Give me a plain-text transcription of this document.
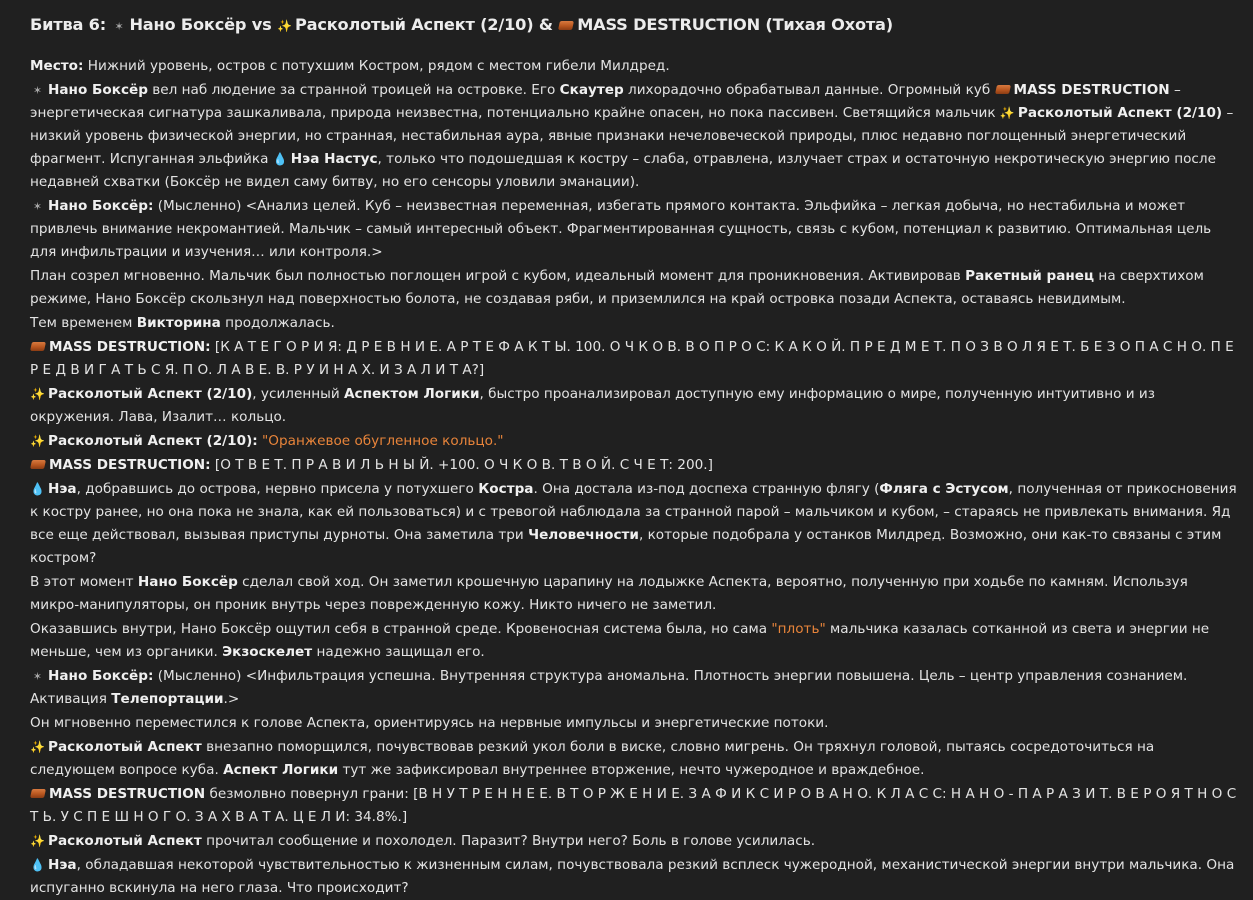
Битва 6: ✶ Нано Боксёр vs ✨ Расколотый Аспект (2/10) & MASS DESTRUCTION (Тихая Охота)

Место: Нижний уровень, остров с потухшим Костром, рядом с местом гибели Милдред.

✶ Нано Боксёр вел наб людение за странной троицей на островке. Его Скаутер лихорадочно обрабатывал данные. Огромный куб MASS DESTRUCTION – энергетическая сигнатура зашкаливала, природа неизвестна, потенциально крайне опасен, но пока пассивен. Светящийся мальчик ✨ Расколотый Аспект (2/10) – низкий уровень физической энергии, но странная, нестабильная аура, явные признаки нечеловеческой природы, плюс недавно поглощенный энергетический фрагмент. Испуганная эльфийка 💧 Нэа Настус, только что подошедшая к костру – слаба, отравлена, излучает страх и остаточную некротическую энергию после недавней схватки (Боксёр не видел саму битву, но его сенсоры уловили эманации).

✶ Нано Боксёр: (Мысленно) <Анализ целей. Куб – неизвестная переменная, избегать прямого контакта. Эльфийка – легкая добыча, но нестабильна и может привлечь внимание некромантией. Мальчик – самый интересный объект. Фрагментированная сущность, связь с кубом, потенциал к развитию. Оптимальная цель для инфильтрации и изучения… или контроля.>

План созрел мгновенно. Мальчик был полностью поглощен игрой с кубом, идеальный момент для проникновения. Активировав Ракетный ранец на сверхтихом режиме, Нано Боксёр скользнул над поверхностью болота, не создавая ряби, и приземлился на край островка позади Аспекта, оставаясь невидимым.

Тем временем Викторина продолжалась.

MASS DESTRUCTION: [К А Т Е Г О Р И Я: Д Р Е В Н И Е. А Р Т Е Ф А К Т Ы. 100. О Ч К О В. В О П Р О С: К А К О Й. П Р Е Д М Е Т. П О З В О Л Я Е Т. Б Е З О П А С Н О. П Е Р Е Д В И Г А Т Ь С Я. П О. Л А В Е. В. Р У И Н А Х. И З А Л И Т А?]

✨ Расколотый Аспект (2/10), усиленный Аспектом Логики, быстро проанализировал доступную ему информацию о мире, полученную интуитивно и из окружения. Лава, Изалит… кольцо.

✨ Расколотый Аспект (2/10): "Оранжевое обугленное кольцо."

MASS DESTRUCTION: [О Т В Е Т. П Р А В И Л Ь Н Ы Й. +100. О Ч К О В. Т В О Й. С Ч Е Т: 200.]

💧 Нэа, добравшись до острова, нервно присела у потухшего Костра. Она достала из-под доспеха странную флягу (Фляга с Эстусом, полученная от прикосновения к костру ранее, но она пока не знала, как ей пользоваться) и с тревогой наблюдала за странной парой – мальчиком и кубом, – стараясь не привлекать внимания. Яд все еще действовал, вызывая приступы дурноты. Она заметила три Человечности, которые подобрала у останков Милдред. Возможно, они как-то связаны с этим костром?

В этот момент Нано Боксёр сделал свой ход. Он заметил крошечную царапину на лодыжке Аспекта, вероятно, полученную при ходьбе по камням. Используя микро-манипуляторы, он проник внутрь через поврежденную кожу. Никто ничего не заметил.

Оказавшись внутри, Нано Боксёр ощутил себя в странной среде. Кровеносная система была, но сама "плоть" мальчика казалась сотканной из света и энергии не меньше, чем из органики. Экзоскелет надежно защищал его.

✶ Нано Боксёр: (Мысленно) <Инфильтрация успешна. Внутренняя структура аномальна. Плотность энергии повышена. Цель – центр управления сознанием. Активация Телепортации.>

Он мгновенно переместился к голове Аспекта, ориентируясь на нервные импульсы и энергетические потоки.

✨ Расколотый Аспект внезапно поморщился, почувствовав резкий укол боли в виске, словно мигрень. Он тряхнул головой, пытаясь сосредоточиться на следующем вопросе куба. Аспект Логики тут же зафиксировал внутреннее вторжение, нечто чужеродное и враждебное.

MASS DESTRUCTION безмолвно повернул грани: [В Н У Т Р Е Н Н Е Е. В Т О Р Ж Е Н И Е. З А Ф И К С И Р О В А Н О. К Л А С С: Н А Н О - П А Р А З И Т. В Е Р О Я Т Н О С Т Ь. У С П Е Ш Н О Г О. З А Х В А Т А. Ц Е Л И: 34.8%.]

✨ Расколотый Аспект прочитал сообщение и похолодел. Паразит? Внутри него? Боль в голове усилилась.

💧 Нэа, обладавшая некоторой чувствительностью к жизненным силам, почувствовала резкий всплеск чужеродной, механистической энергии внутри мальчика. Она испуганно вскинула на него глаза. Что происходит?
